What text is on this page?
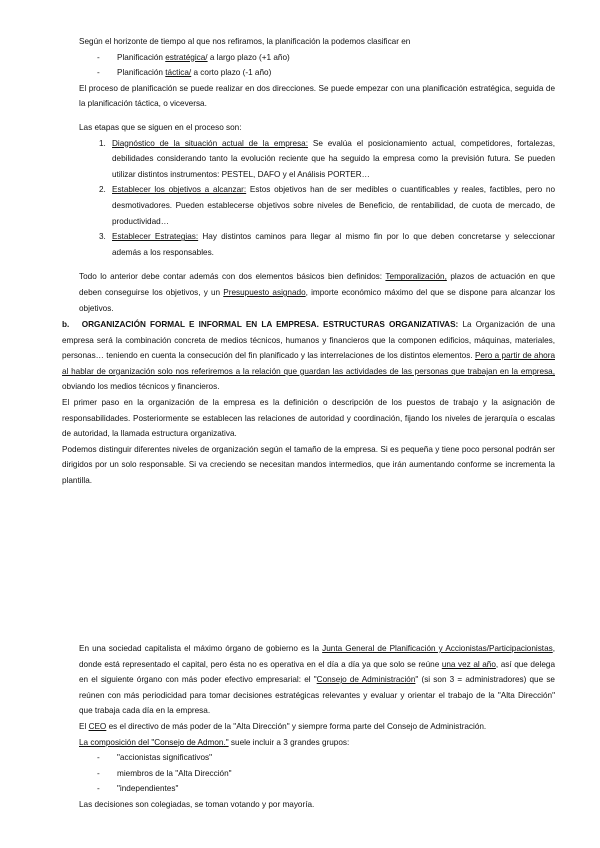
Según el horizonte de tiempo al que nos refiramos, la planificación la podemos clasificar en

-	Planificación estratégica/ a largo plazo (+1 año)
-	Planificación táctica/ a corto plazo (-1 año)

El proceso de planificación se puede realizar en dos direcciones. Se puede empezar con una planificación estratégica, seguida de la planificación táctica, o viceversa.

Las etapas que se siguen en el proceso son:

1. Diagnóstico de la situación actual de la empresa: Se evalúa el posicionamiento actual, competidores, fortalezas, debilidades considerando tanto la evolución reciente que ha seguido la empresa como la previsión futura. Se pueden utilizar distintos instrumentos: PESTEL, DAFO y el Análisis PORTER…
2. Establecer los objetivos a alcanzar: Estos objetivos han de ser medibles o cuantificables y reales, factibles, pero no desmotivadores. Pueden establecerse objetivos sobre niveles de Beneficio, de rentabilidad, de cuota de mercado, de productividad…
3. Establecer Estrategias: Hay distintos caminos para llegar al mismo fin por lo que deben concretarse y seleccionar además a los responsables.

Todo lo anterior debe contar además con dos elementos básicos bien definidos: Temporalización, plazos de actuación en que deben conseguirse los objetivos, y un Presupuesto asignado, importe económico máximo del que se dispone para alcanzar los objetivos.

b. ORGANIZACIÓN FORMAL E INFORMAL EN LA EMPRESA. ESTRUCTURAS ORGANIZATIVAS: La Organización de una empresa será la combinación concreta de medios técnicos, humanos y financieros que la componen edificios, máquinas, materiales, personas… teniendo en cuenta la consecución del fin planificado y las interrelaciones de los distintos elementos. Pero a partir de ahora al hablar de organización solo nos referiremos a la relación que guardan las actividades de las personas que trabajan en la empresa, obviando los medios técnicos y financieros.

El primer paso en la organización de la empresa es la definición o descripción de los puestos de trabajo y la asignación de responsabilidades. Posteriormente se establecen las relaciones de autoridad y coordinación, fijando los niveles de jerarquía o escalas de autoridad, la llamada estructura organizativa.

Podemos distinguir diferentes niveles de organización según el tamaño de la empresa. Si es pequeña y tiene poco personal podrán ser dirigidos por un solo responsable. Si va creciendo se necesitan mandos intermedios, que irán aumentando conforme se incrementa la plantilla.

En una sociedad capitalista el máximo órgano de gobierno es la Junta General de Planificación y Accionistas/Participacionistas, donde está representado el capital, pero ésta no es operativa en el día a día ya que solo se reúne una vez al año, así que delega en el siguiente órgano con más poder efectivo empresarial: el "Consejo de Administración" (si son 3 = administradores) que se reúnen con más periodicidad para tomar decisiones estratégicas relevantes y evaluar y orientar el trabajo de la "Alta Dirección" que trabaja cada día en la empresa.

El CEO es el directivo de más poder de la "Alta Dirección" y siempre forma parte del Consejo de Administración.

La composición del "Consejo de Admon." suele incluir a 3 grandes grupos:

-	"accionistas significativos"
-	miembros de la "Alta Dirección"
-	"independientes"

Las decisiones son colegiadas, se toman votando y por mayoría.
